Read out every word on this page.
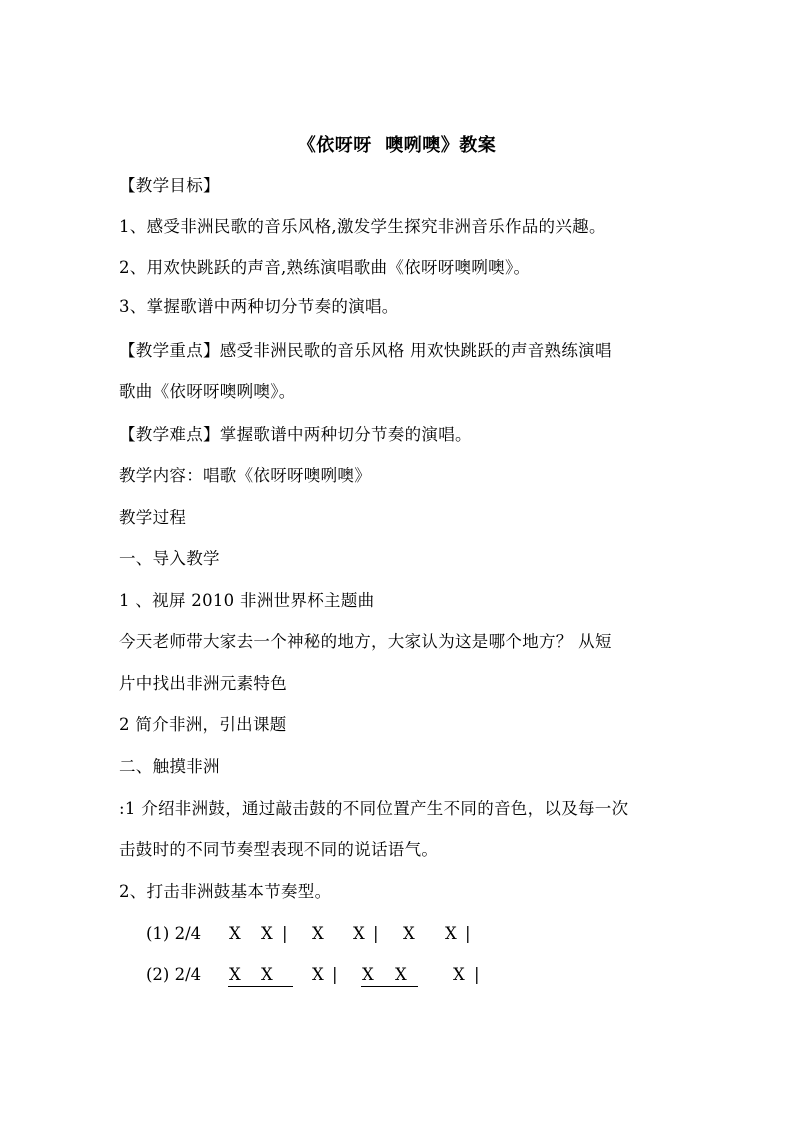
《依呀呀  噢咧噢》教案
【教学目标】
1、感受非洲民歌的音乐风格,激发学生探究非洲音乐作品的兴趣。
2、用欢快跳跃的声音,熟练演唱歌曲《依呀呀噢咧噢》。
3、掌握歌谱中两种切分节奏的演唱。
【教学重点】感受非洲民歌的音乐风格 用欢快跳跃的声音熟练演唱
歌曲《依呀呀噢咧噢》。
【教学难点】掌握歌谱中两种切分节奏的演唱。
教学内容：唱歌《依呀呀噢咧噢》
教学过程
一、导入教学
1 、视屏 2010 非洲世界杯主题曲
今天老师带大家去一个神秘的地方，大家认为这是哪个地方？ 从短
片中找出非洲元素特色
2 简介非洲，引出课题
二、触摸非洲
:1 介绍非洲鼓，通过敲击鼓的不同位置产生不同的音色，以及每一次
击鼓时的不同节奏型表现不同的说话语气。
2、打击非洲鼓基本节奏型。
(1) 2/4 X X | X X | X X |
(2) 2/4 X X X | X X	X |
